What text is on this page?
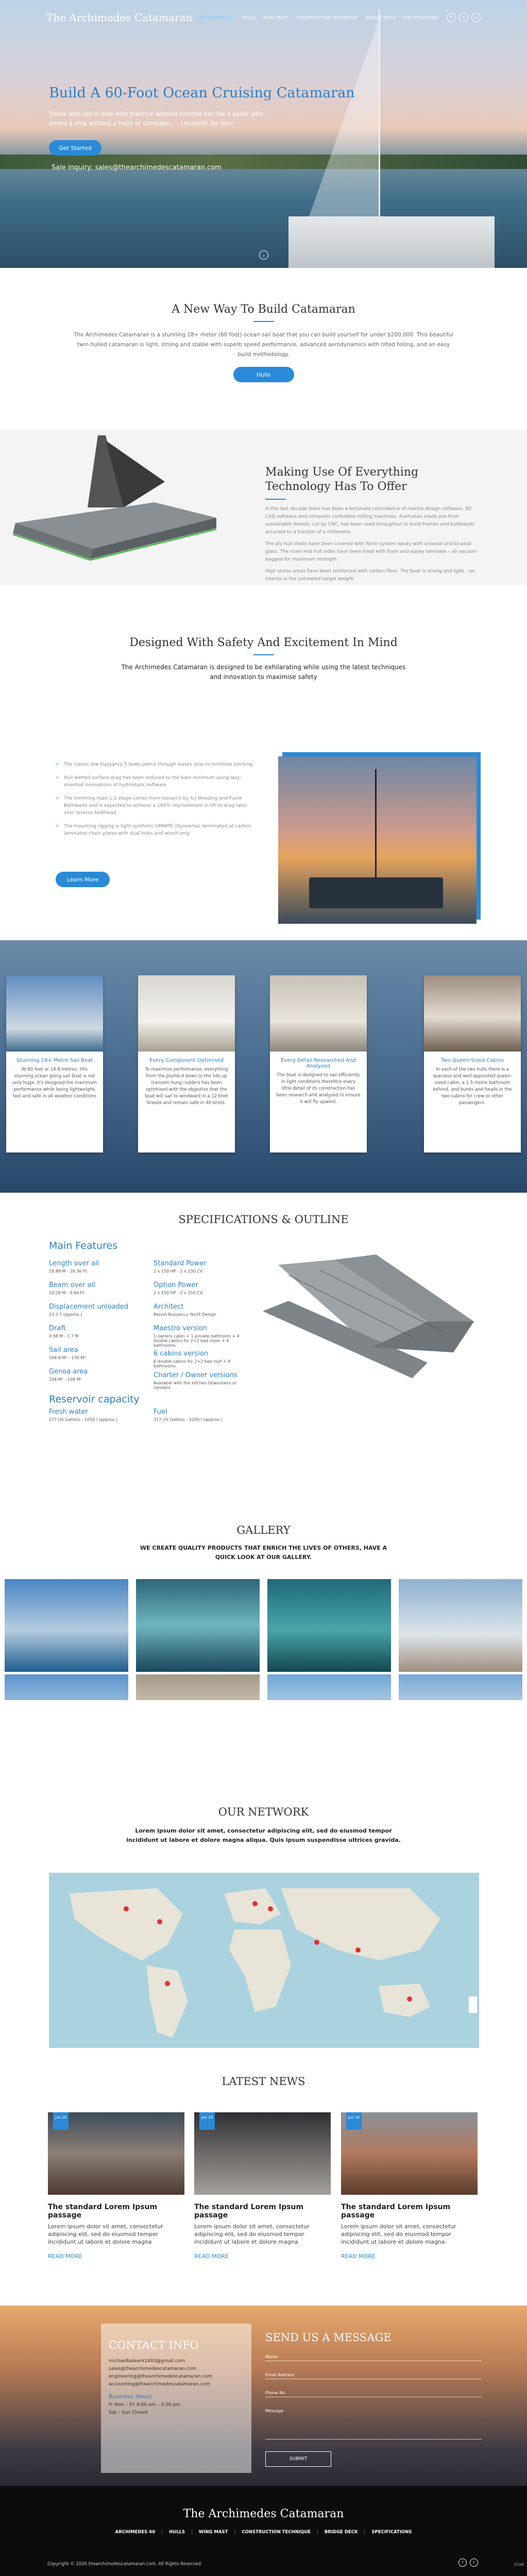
Build A 60-Foot Ocean Cruising Catamaran
Those who fall in love with practice without science are like a sailor who steers a ship without a helm or compass... - Leonardo Da Vinci
Get Started
Sale inquiry: sales@thearchimedescatamaran.com
⌄
The Archimedes Catamaran	ARCHIMEDES 60 HULLS WING MAST CONSTRUCTION TECHNIQUE BRIDGE DECK SPECIFICATIONS	f	t	in
A New Way To Build Catamaran

The Archimedes Catamaran is a stunning 18+ meter (60 foot) ocean sail boat that you can build yourself for under $200,000. This beautiful twin hulled catamaran is light, strong and stable with superb speed performance, advanced aerodynamics with tilted foiling, and an easy build methodology.

Hulls
Making Use Of Everything Technology Has To Offer

In the last decade there has been a fortunate coincidence of marine design software, 3D CAD software and computer controlled milling machines. Australian made pre-from sustainable forests, cut by CNC, has been used throughout to build frames and bulkheads accurate to a fraction of a millimetre.

The ply hull shells have been covered with fibre/ system epoxy with uniaxial and bi-axial glass. The main mid hull sides have been lined with foam and epoxy laminate – all vacuum bagged for maximum strength.

High stress areas have been reinforced with carbon fibre. The boat is strong and light – an interior is the untreated target weight.

Designed With Safety And Excitement In Mind
The Archimedes Catamaran is designed to be exhilarating while using the latest techniques and innovation to maximise safety
✓ The classic low buoyancy 5 bows pierce through waves stop to minimise pitching.
✓ Hull wetted surface drag has been reduced to the bare minimum using lazy-oriented innovations of hydrostatic software
✓ The trimming main L.S stage comes from research by A.J Wooding and Frank Bethwaite and is expected to achieve a 100% improvement in lift to drag ratio over reverse bulkhead.
✓ The mounting rigging is light synthetic HMWPE (Dyneema) terminated at carbon laminated chain plates with dual locks and winch-only
Learn More
Stunning 18+ Metre Sail Boat

At 60 feet or 18.8 metres, this stunning ocean going sail boat is not only huge. It's designed the maximum performance while being lightweight, fast and safe in all weather conditions

Every Component Optimised

To maximise performance, everything from the plumb 4 bows to the lids up transom hung rudders has been optimised with the objective that the boat will sail to windward in a 12 knot breeze and remain safe in 40 knots.

Every Detail Researched And Analysed

The boat is designed to sail efficiently in light conditions therefore every little detail of its construction has been research and analysed to ensure it will fly upwind.

Two Queen-Sized Cabins

In each of the two hulls there is a spacious and well-appointed queen-sized cabin, a 1.5 metre bathroom behind, and bunks and heads in the two cabins for crew or other passengers.

SPECIFICATIONS & OUTLINE
Main Features
Length over all
18.88 M - 29.36 Ft
Beam over all
10.28 M - 9.84 Ft
Displacement unloaded
13.3 T (approx.)
Draft
0.98 M - 1.7 M
Sail area
168.8 M² - 130 M²
Genoa area
104 M² - 108 M²
Standard Power
2 x 150 HP - 2 x 130 CV
Option Power
2 x 150 HP - 2 x 150 CV
Architect
Bennit Buoyancy Yacht Design
Maestro version
1 owners cabin + 1 private bathroom + 4 double cabins for 2+2 bed room + 4 bathrooms
6 cabins version
6 double cabins for 2+2 bed roof + 4 bathrooms
Charter / Owner versions
Available with the kitchen Downstairs or Upstairs
Reservoir capacity
Fresh water
277 US Gallons - 1050 l (approx.)
Fuel
317 US Gallons - 1200 l (approx.)
GALLERY
WE CREATE QUALITY PRODUCTS THAT ENRICH THE LIVES OF OTHERS, HAVE A QUICK LOOK AT OUR GALLERY.
OUR NETWORK
Lorem ipsum dolor sit amet, consectetur adipiscing elit, sed do eiusmod tempor incididunt ut labore et dolore magna aliqua. Quis ipsum suspendisse ultrices gravida.
LATEST NEWS
Jun 18
The standard Lorem Ipsum passage

Lorem ipsum dolor sit amet, consectetur adipiscing elit, sed do eiusmod tempor incididunt ut labore et dolore magna

READ MORE
Jun 18
The standard Lorem Ipsum passage

Lorem ipsum dolor sit amet, consectetur adipiscing elit, sed do eiusmod tempor incididunt ut labore et dolore magna

READ MORE
Jun 18
The standard Lorem Ipsum passage

Lorem ipsum dolor sit amet, consectetur adipiscing elit, sed do eiusmod tempor incididunt ut labore et dolore magna

READ MORE
CONTACT INFO
michaelbaleerk1493@gmail.com
sales@thearchimedescatamaran.com
engineering@thearchimedescatamaran.com
accounting@thearchimedescatamaran.com
Business Hours
Fr Mon – Fri 9:00 am – 5:00 pm
Sat – Sun Closed
SEND US A MESSAGE
Name
Email Address
Phone No.
Message
SUBMIT
The Archimedes Catamaran
ARCHIMEDES 60 | HULLS | WING MAST | CONSTRUCTION TECHNIQUE | BRIDGE DECK | SPECIFICATIONS
Copyright © 2020 thearchimedescatamaran.com. All Rights Reserved.	f	t	Chat
